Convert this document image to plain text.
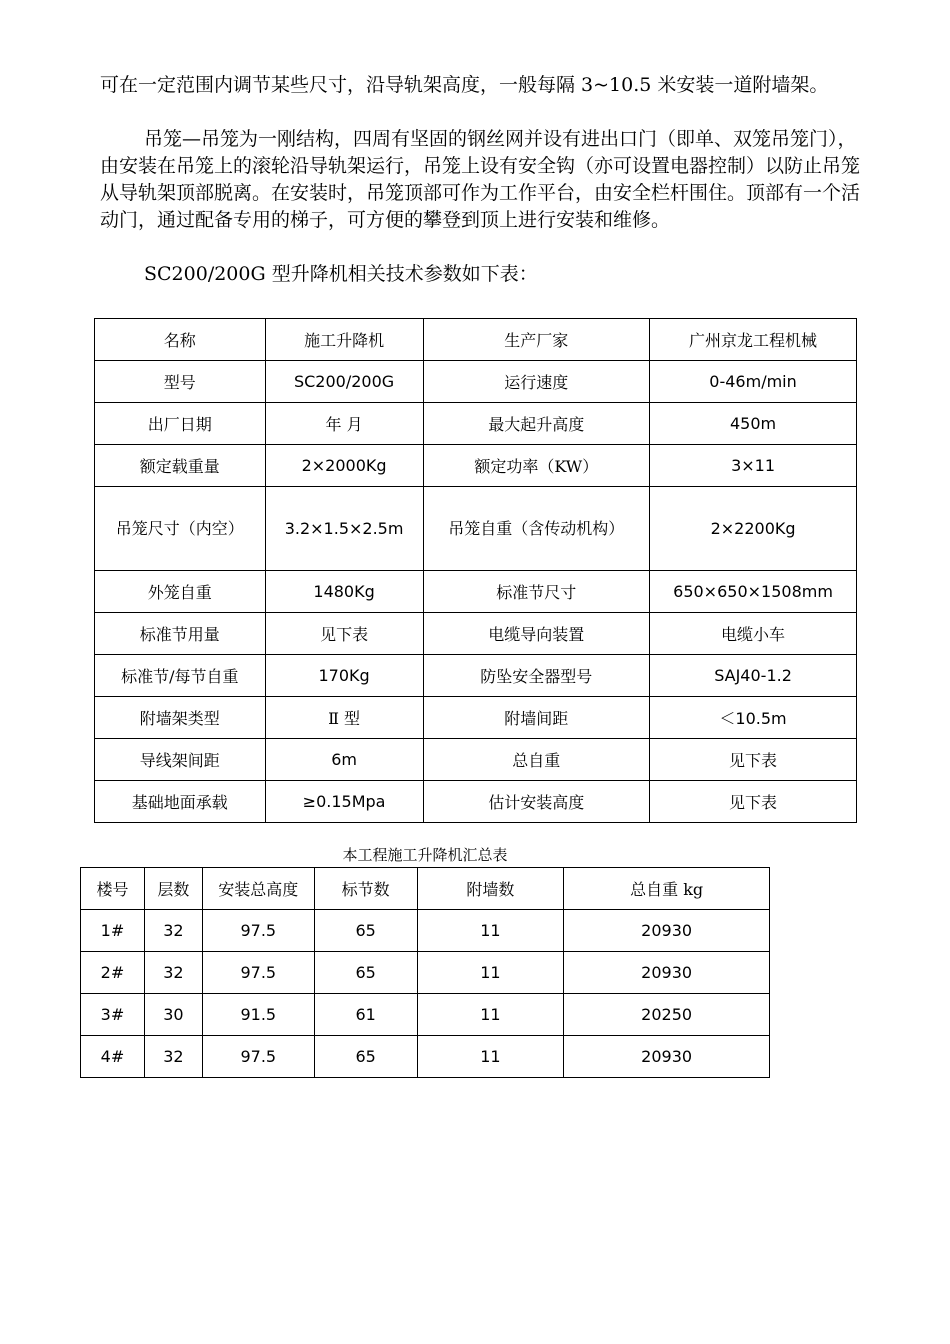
可在一定范围内调节某些尺寸，沿导轨架高度，一般每隔 3~10.5 米安装一道附墙架。

吊笼—吊笼为一刚结构，四周有坚固的钢丝网并设有进出口门（即单、双笼吊笼门），由安装在吊笼上的滚轮沿导轨架运行，吊笼上设有安全钩（亦可设置电器控制）以防止吊笼从导轨架顶部脱离。在安装时，吊笼顶部可作为工作平台，由安全栏杆围住。顶部有一个活动门，通过配备专用的梯子，可方便的攀登到顶上进行安装和维修。

SC200/200G 型升降机相关技术参数如下表：

名称	施工升降机	生产厂家	广州京龙工程机械
型号	SC200/200G	运行速度	0-46m/min
出厂日期	年 月	最大起升高度	450m
额定载重量	2×2000Kg	额定功率（KW）	3×11
吊笼尺寸（内空）	3.2×1.5×2.5m	吊笼自重（含传动机构）	2×2200Kg
外笼自重	1480Kg	标准节尺寸	650×650×1508mm
标准节用量	见下表	电缆导向装置	电缆小车
标准节/每节自重	170Kg	防坠安全器型号	SAJ40-1.2
附墙架类型	Ⅱ 型	附墙间距	＜10.5m
导线架间距	6m	总自重	见下表
基础地面承载	≥0.15Mpa	估计安装高度	见下表
本工程施工升降机汇总表
楼号	层数	安装总高度	标节数	附墙数	总自重 kg
1#	32	97.5	65	11	20930
2#	32	97.5	65	11	20930
3#	30	91.5	61	11	20250
4#	32	97.5	65	11	20930
